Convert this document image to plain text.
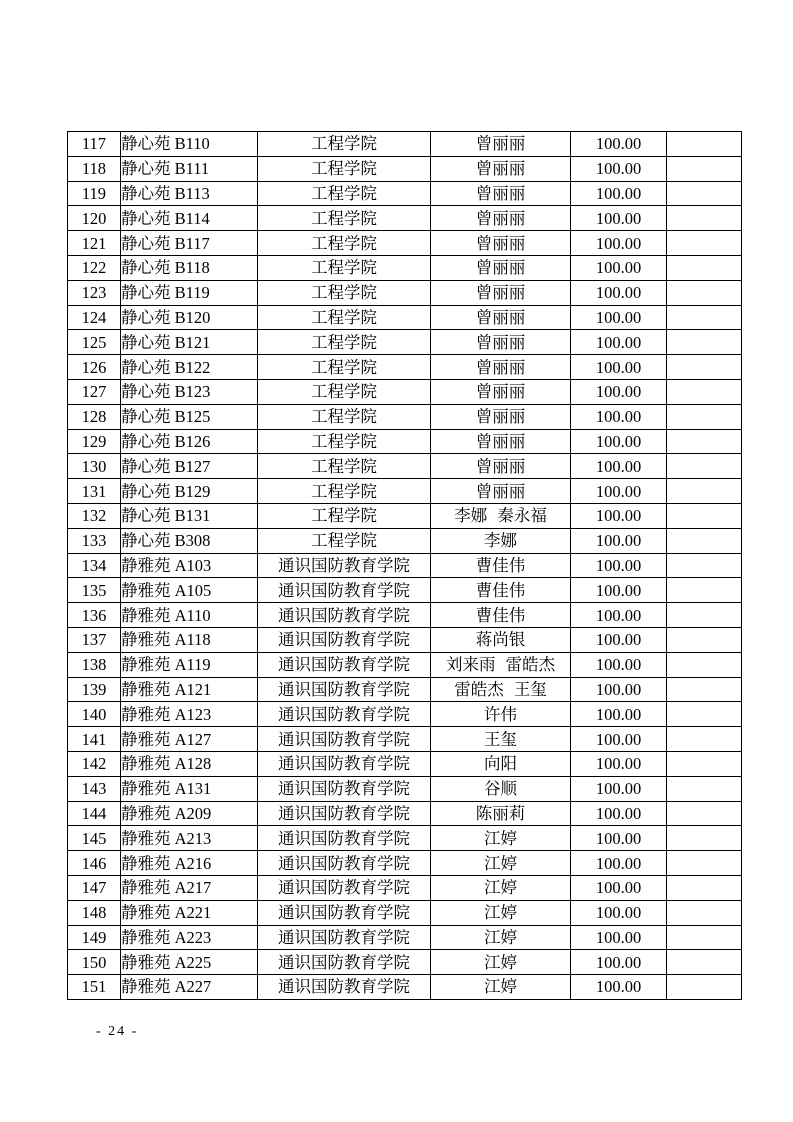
117	静心苑 B110	工程学院	曾丽丽	100.00	
118	静心苑 B111	工程学院	曾丽丽	100.00	
119	静心苑 B113	工程学院	曾丽丽	100.00	
120	静心苑 B114	工程学院	曾丽丽	100.00	
121	静心苑 B117	工程学院	曾丽丽	100.00	
122	静心苑 B118	工程学院	曾丽丽	100.00	
123	静心苑 B119	工程学院	曾丽丽	100.00	
124	静心苑 B120	工程学院	曾丽丽	100.00	
125	静心苑 B121	工程学院	曾丽丽	100.00	
126	静心苑 B122	工程学院	曾丽丽	100.00	
127	静心苑 B123	工程学院	曾丽丽	100.00	
128	静心苑 B125	工程学院	曾丽丽	100.00	
129	静心苑 B126	工程学院	曾丽丽	100.00	
130	静心苑 B127	工程学院	曾丽丽	100.00	
131	静心苑 B129	工程学院	曾丽丽	100.00	
132	静心苑 B131	工程学院	李娜 秦永福	100.00	
133	静心苑 B308	工程学院	李娜	100.00	
134	静雅苑 A103	通识国防教育学院	曹佳伟	100.00	
135	静雅苑 A105	通识国防教育学院	曹佳伟	100.00	
136	静雅苑 A110	通识国防教育学院	曹佳伟	100.00	
137	静雅苑 A118	通识国防教育学院	蒋尚银	100.00	
138	静雅苑 A119	通识国防教育学院	刘来雨 雷皓杰	100.00	
139	静雅苑 A121	通识国防教育学院	雷皓杰 王玺	100.00	
140	静雅苑 A123	通识国防教育学院	许伟	100.00	
141	静雅苑 A127	通识国防教育学院	王玺	100.00	
142	静雅苑 A128	通识国防教育学院	向阳	100.00	
143	静雅苑 A131	通识国防教育学院	谷顺	100.00	
144	静雅苑 A209	通识国防教育学院	陈丽莉	100.00	
145	静雅苑 A213	通识国防教育学院	江婷	100.00	
146	静雅苑 A216	通识国防教育学院	江婷	100.00	
147	静雅苑 A217	通识国防教育学院	江婷	100.00	
148	静雅苑 A221	通识国防教育学院	江婷	100.00	
149	静雅苑 A223	通识国防教育学院	江婷	100.00	
150	静雅苑 A225	通识国防教育学院	江婷	100.00	
151	静雅苑 A227	通识国防教育学院	江婷	100.00	
- 24 -
